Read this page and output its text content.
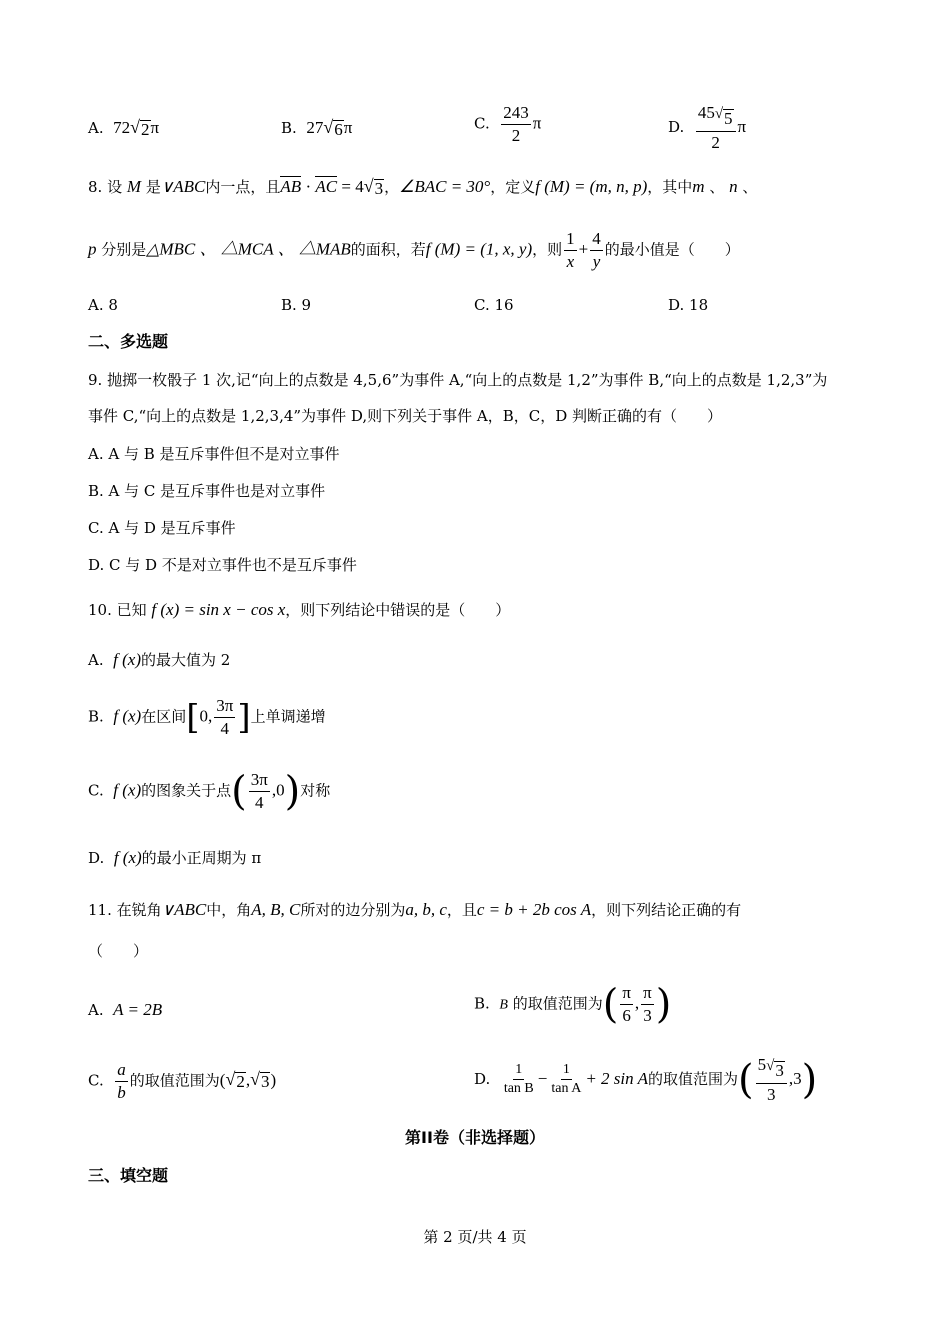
A. 72 √ 2 π	B. 27 √ 6 π	C. $\frac{243}{2}$ π	D. $\frac{45 √ 5}{2}$ π
8. 设 M 是∨ABC内一点，且AB · AC = 4 √ 3 ，∠BAC = 30°，定义f (M) = (m, n, p)，其中m 、 n 、
p 分别是△MBC 、 △MCA 、 △MAB的面积，若f (M) = (1, x, y)，则 $\frac{1}{x} + \frac{4}{y}$ 的最小值是（　　）
A. 8	B. 9	C. 16	D. 18
二、多选题
9. 抛掷一枚骰子 1 次,记“向上的点数是 4,5,6”为事件 A,“向上的点数是 1,2”为事件 B,“向上的点数是 1,2,3”为
事件 C,“向上的点数是 1,2,3,4”为事件 D,则下列关于事件 A，B，C，D 判断正确的有（　　）
A. A 与 B 是互斥事件但不是对立事件
B. A 与 C 是互斥事件也是对立事件
C. A 与 D 是互斥事件
D. C 与 D 不是对立事件也不是互斥事件
10. 已知 f (x) = sin x − cos x，则下列结论中错误的是（　　）
A. f (x)的最大值为 2
B. f (x)在区间[0, $\frac{3\pi}{4}$ ]上单调递增
C. f (x)的图象关于点( $\frac{3\pi}{4} ,0$)对称
D. f (x)的最小正周期为 π
11. 在锐角∨ABC中，角A, B, C所对的边分别为a, b, c，且c = b + 2b cos A，则下列结论正确的有
（　　）
A. A = 2B	B. B 的取值范围为( $\frac{\pi}{6}$ , $\frac{\pi}{3}$ )
C. $\frac{a}{b}$ 的取值范围为( √ 2 , √ 3 )	D. $\frac{1}{\text{tan B}} - \frac{1}{\text{tan A}} + 2$ sin A的取值范围为( $\frac{5 √ 3}{3} ,3$)
第II卷（非选择题）
三、填空题
第 2 页/共 4 页
